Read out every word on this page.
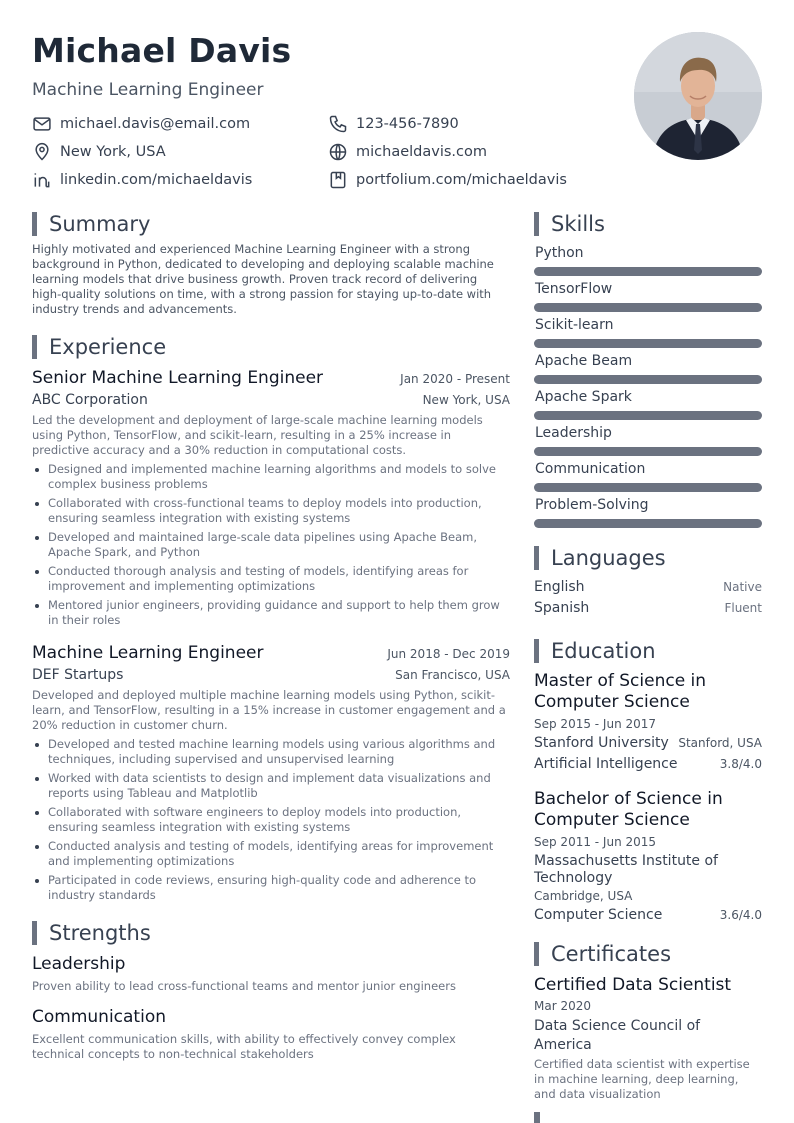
Michael Davis
Machine Learning Engineer
michael.davis@email.com	123-456-7890
New York, USA	michaeldavis.com
linkedin.com/michaeldavis	portfolium.com/michaeldavis
Summary
Highly motivated and experienced Machine Learning Engineer with a strong background in Python, dedicated to developing and deploying scalable machine learning models that drive business growth. Proven track record of delivering high-quality solutions on time, with a strong passion for staying up-to-date with industry trends and advancements.
Experience
Senior Machine Learning Engineer	Jan 2020 - Present
ABC Corporation	New York, USA
Led the development and deployment of large-scale machine learning models using Python, TensorFlow, and scikit-learn, resulting in a 25% increase in predictive accuracy and a 30% reduction in computational costs.
Designed and implemented machine learning algorithms and models to solve complex business problems
Collaborated with cross-functional teams to deploy models into production, ensuring seamless integration with existing systems
Developed and maintained large-scale data pipelines using Apache Beam, Apache Spark, and Python
Conducted thorough analysis and testing of models, identifying areas for improvement and implementing optimizations
Mentored junior engineers, providing guidance and support to help them grow in their roles
Machine Learning Engineer	Jun 2018 - Dec 2019
DEF Startups	San Francisco, USA
Developed and deployed multiple machine learning models using Python, scikit-learn, and TensorFlow, resulting in a 15% increase in customer engagement and a 20% reduction in customer churn.
Developed and tested machine learning models using various algorithms and techniques, including supervised and unsupervised learning
Worked with data scientists to design and implement data visualizations and reports using Tableau and Matplotlib
Collaborated with software engineers to deploy models into production, ensuring seamless integration with existing systems
Conducted analysis and testing of models, identifying areas for improvement and implementing optimizations
Participated in code reviews, ensuring high-quality code and adherence to industry standards
Strengths
Leadership
Proven ability to lead cross-functional teams and mentor junior engineers
Communication
Excellent communication skills, with ability to effectively convey complex technical concepts to non-technical stakeholders
Skills
Python
TensorFlow
Scikit-learn
Apache Beam
Apache Spark
Leadership
Communication
Problem-Solving
Languages
English	Native
Spanish	Fluent
Education
Master of Science in Computer Science
Sep 2015 - Jun 2017
Stanford University Stanford, USA
Artificial Intelligence	3.8/4.0
Bachelor of Science in Computer Science
Sep 2011 - Jun 2015
Massachusetts Institute of Technology
Cambridge, USA
Computer Science	3.6/4.0
Certificates
Certified Data Scientist
Mar 2020
Data Science Council of America
Certified data scientist with expertise in machine learning, deep learning, and data visualization
